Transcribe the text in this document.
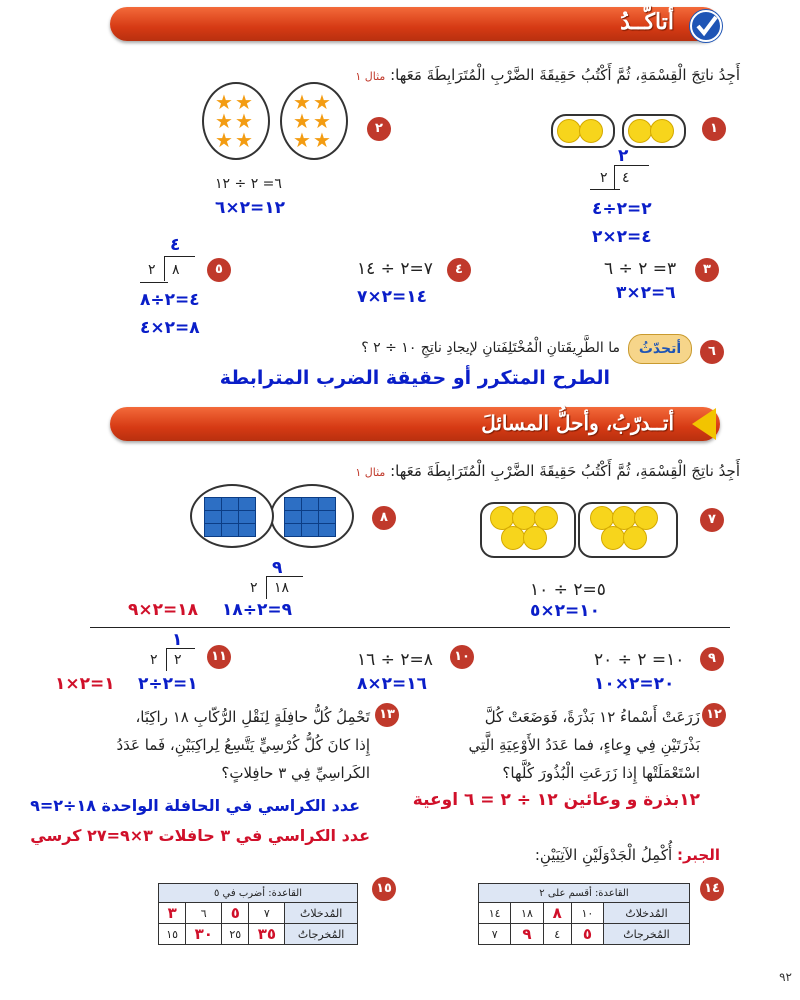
أتاكّــدُ
أَجِدُ ناتِجَ الْقِسْمَةِ، ثُمَّ أَكْتُبُ حَقِيقَةَ الضَّرْبِ الْمُتَرَابِطَةَ مَعَها: مثال ١
١
٢
٤
٢
٢=٢÷٤
٤=٢×٢
٢
★ ★
★ ★
★ ★
★ ★
★ ★
★ ★
٦= ٢ ÷ ١٢
١٢=٢×٦
٣
٣= ٢ ÷ ٦
٦=٢×٣
٤
٧=٢ ÷ ١٤
١٤=٢×٧
٥
٤
٨
٢
٤=٢÷٨
٨=٢×٤
٦
أتحدّثُ
ما الطَّرِيقَتانِ الْمُخْتَلِفَتانِ لإيجادِ ناتِجِ ١٠ ÷ ٢ ؟
الطرح المتكرر أو حقيقة الضرب المترابطة
أتــدرّبُ، وأحلُّ المسائلَ
أَجِدُ ناتِجَ الْقِسْمَةِ، ثُمَّ أَكْتُبُ حَقِيقَةَ الضَّرْبِ الْمُتَرَابِطَةَ مَعَها: مثال ١
٧
٥=٢ ÷ ١٠
١٠=٢×٥
٨
٩
١٨
٢
١٨=٢×٩ ٩=٢÷١٨
٩
١٠= ٢ ÷ ٢٠
٢٠=٢×١٠
١٠
٨=٢ ÷ ١٦
١٦=٢×٨
١١
١
٢
٢
١=٢÷٢
١=٢×١
١٢
زَرَعَتْ أَسْماءُ ١٢ بَذْرَةً، فَوَضَعَتْ كُلَّ
بَذْرَتَيْنِ فِي وِعاءٍ، فما عَدَدُ الأَوْعِيَةِ الَّتِي
اسْتَعْمَلَتْها إِذا زَرَعَتِ الْبُذُورَ كُلَّها؟
١٢بذرة و وعائين ١٢ ÷ ٢ = ٦ اوعية
١٣
تَحْمِلُ كُلُّ حافِلَةٍ لِنَقْلِ الرُّكّابِ ١٨ راكِبًا،
إِذا كانَ كُلُّ كُرْسِيٍّ يَتَّسِعُ لِراكِبَيْنِ، فَما عَدَدُ
الكَراسِيِّ فِي ٣ حافِلاتٍ؟
عدد الكراسي في الحافلة الواحدة ١٨÷٢=٩
عدد الكراسي في ٣ حافلات ٣×٩=٢٧ كرسي
الجبر: أُكْمِلُ الْجَدْوَلَيْنِ الآتِيَيْنِ:
١٤
القاعدة: أقسم على ٢				
المُدخلاتُ	١٠	٨	١٨	١٤
المُخرجاتُ	٥	٤	٩	٧
١٥
القاعدة: أضرب في ٥				
المُدخلاتُ	٧	٥	٦	٣
المُخرجاتُ	٣٥	٢٥	٣٠	١٥
٩٢
